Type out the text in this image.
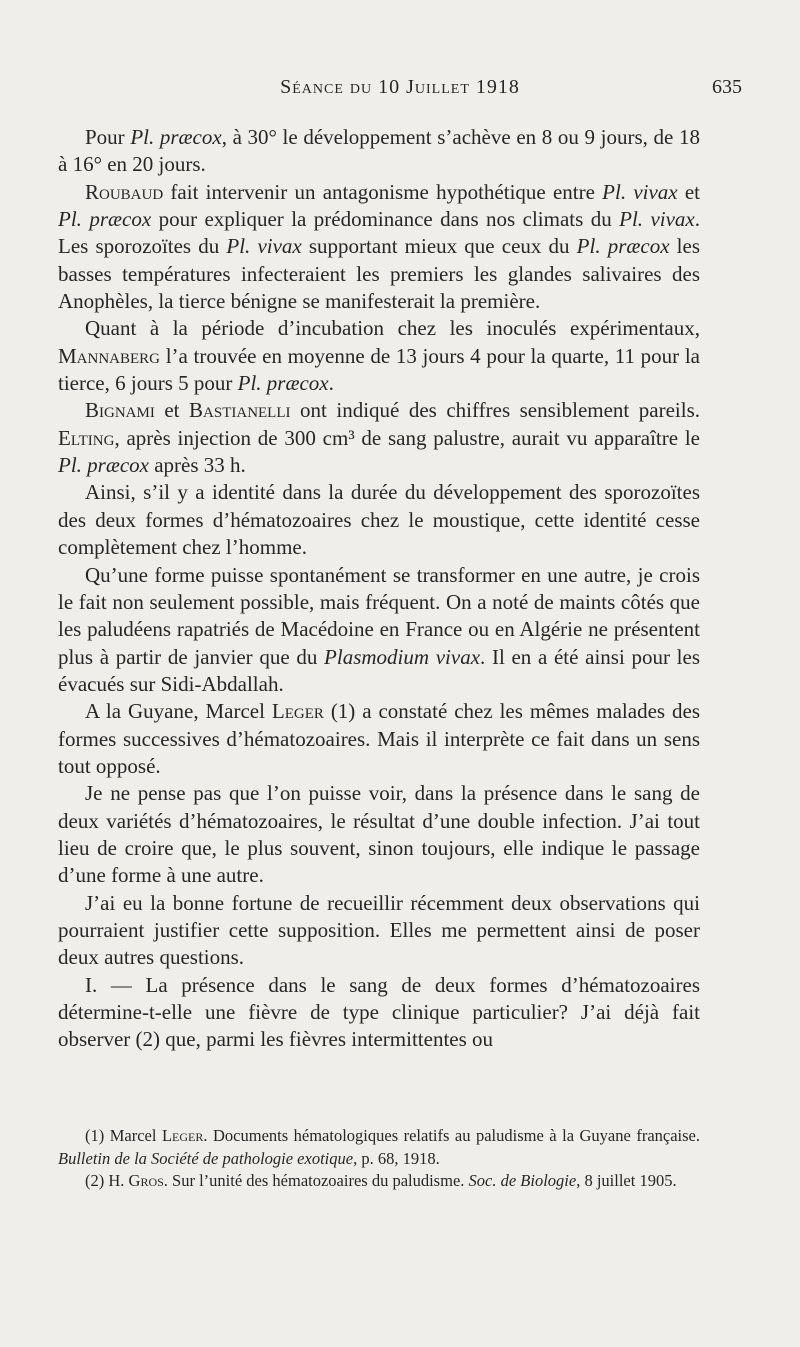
Séance du 10 Juillet 1918	635

Pour Pl. præcox, à 30° le développement s’achève en 8 ou 9 jours, de 18 à 16° en 20 jours.

Roubaud fait intervenir un antagonisme hypothétique entre Pl. vivax et Pl. præcox pour expliquer la prédominance dans nos climats du Pl. vivax. Les sporozoïtes du Pl. vivax supportant mieux que ceux du Pl. præcox les basses températures infecteraient les premiers les glandes salivaires des Anophèles, la tierce bénigne se manifesterait la première.

Quant à la période d’incubation chez les inoculés expérimentaux, Mannaberg l’a trouvée en moyenne de 13 jours 4 pour la quarte, 11 pour la tierce, 6 jours 5 pour Pl. præcox.

Bignami et Bastianelli ont indiqué des chiffres sensiblement pareils. Elting, après injection de 300 cm³ de sang palustre, aurait vu apparaître le Pl. præcox après 33 h.

Ainsi, s’il y a identité dans la durée du développement des sporozoïtes des deux formes d’hématozoaires chez le moustique, cette identité cesse complètement chez l’homme.

Qu’une forme puisse spontanément se transformer en une autre, je crois le fait non seulement possible, mais fréquent. On a noté de maints côtés que les paludéens rapatriés de Macédoine en France ou en Algérie ne présentent plus à partir de janvier que du Plasmodium vivax. Il en a été ainsi pour les évacués sur Sidi-Abdallah.

A la Guyane, Marcel Leger (1) a constaté chez les mêmes malades des formes successives d’hématozoaires. Mais il interprète ce fait dans un sens tout opposé.

Je ne pense pas que l’on puisse voir, dans la présence dans le sang de deux variétés d’hématozoaires, le résultat d’une double infection. J’ai tout lieu de croire que, le plus souvent, sinon toujours, elle indique le passage d’une forme à une autre.

J’ai eu la bonne fortune de recueillir récemment deux observations qui pourraient justifier cette supposition. Elles me permettent ainsi de poser deux autres questions.

I. — La présence dans le sang de deux formes d’hématozoaires détermine-t-elle une fièvre de type clinique particulier? J’ai déjà fait observer (2) que, parmi les fièvres intermittentes ou

(1) Marcel Leger. Documents hématologiques relatifs au paludisme à la Guyane française. Bulletin de la Société de pathologie exotique, p. 68, 1918.

(2) H. Gros. Sur l’unité des hématozoaires du paludisme. Soc. de Biologie, 8 juillet 1905.
